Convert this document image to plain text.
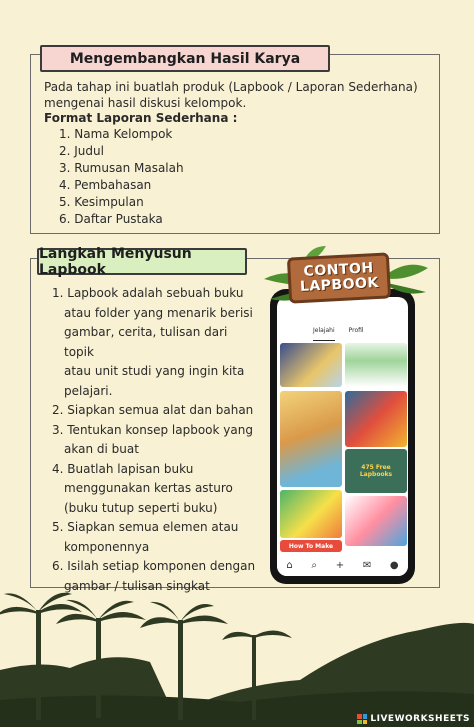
Pada tahap ini buatlah produk (Lapbook / Laporan Sederhana)
mengenai hasil diskusi kelompok.
Format Laporan Sederhana :
1. Nama Kelompok
2. Judul
3. Rumusan Masalah
4. Pembahasan
5. Kesimpulan
6. Daftar Pustaka
Mengembangkan Hasil Karya
Langkah Menyusun Lapbook
1. Lapbook adalah sebuah buku
atau folder yang menarik berisi
gambar, cerita, tulisan dari topik
atau unit studi yang ingin kita
pelajari.
2. Siapkan semua alat dan bahan
3. Tentukan konsep lapbook yang
akan di buat
4. Buatlah lapisan buku
menggunakan kertas asturo
(buku tutup seperti buku)
5. Siapkan semua elemen atau
komponennya
6. Isilah setiap komponen dengan
gambar / tulisan singkat
Jelajahi Profil
475 Free Lapbooks
How To Make
⌂ ⌕ + ✉ ●
CONTOH
LAPBOOK
LIVEWORKSHEETS
